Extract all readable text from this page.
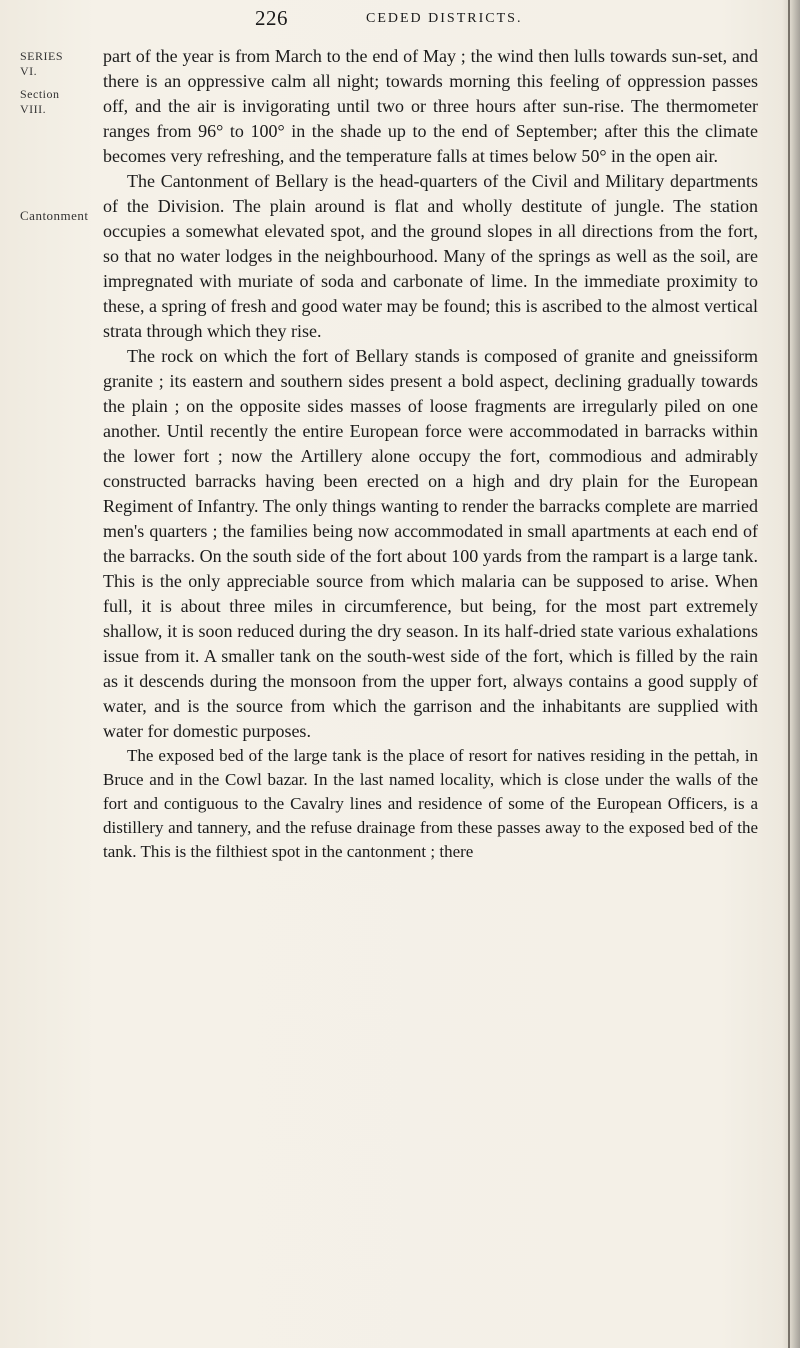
226	CEDED DISTRICTS.
SERIES VI.
Section VIII.
Cantonment

part of the year is from March to the end of May ; the wind then lulls towards sun-set, and there is an oppressive calm all night; towards morning this feeling of oppression passes off, and the air is invigorating until two or three hours after sun-rise. The thermometer ranges from 96° to 100° in the shade up to the end of September; after this the climate becomes very refreshing, and the temperature falls at times below 50° in the open air.

The Cantonment of Bellary is the head-quarters of the Civil and Military departments of the Division. The plain around is flat and wholly destitute of jungle. The station occupies a somewhat elevated spot, and the ground slopes in all directions from the fort, so that no water lodges in the neighbourhood. Many of the springs as well as the soil, are impregnated with muriate of soda and carbonate of lime. In the immediate proximity to these, a spring of fresh and good water may be found; this is ascribed to the almost vertical strata through which they rise.

The rock on which the fort of Bellary stands is composed of granite and gneissiform granite ; its eastern and southern sides present a bold aspect, declining gradually towards the plain ; on the opposite sides masses of loose fragments are irregularly piled on one another. Until recently the entire European force were accommodated in barracks within the lower fort ; now the Artillery alone occupy the fort, commodious and admirably constructed barracks having been erected on a high and dry plain for the European Regiment of Infantry. The only things wanting to render the barracks complete are married men's quarters ; the families being now accommodated in small apartments at each end of the barracks. On the south side of the fort about 100 yards from the rampart is a large tank. This is the only appreciable source from which malaria can be supposed to arise. When full, it is about three miles in circumference, but being, for the most part extremely shallow, it is soon reduced during the dry season. In its half-dried state various exhalations issue from it. A smaller tank on the south-west side of the fort, which is filled by the rain as it descends during the monsoon from the upper fort, always contains a good supply of water, and is the source from which the garrison and the inhabitants are supplied with water for domestic purposes.

The exposed bed of the large tank is the place of resort for natives residing in the pettah, in Bruce and in the Cowl bazar. In the last named locality, which is close under the walls of the fort and contiguous to the Cavalry lines and residence of some of the European Officers, is a distillery and tannery, and the refuse drainage from these passes away to the exposed bed of the tank. This is the filthiest spot in the cantonment ; there
